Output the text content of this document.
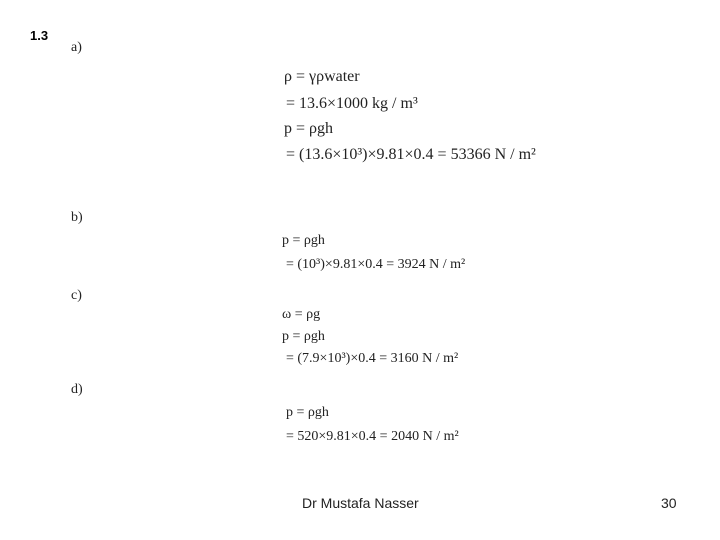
1.3
a)
ρ = γρwater
= 13.6×1000 kg / m³
p = ρgh
= (13.6×10³)×9.81×0.4 = 53366 N / m²
b)
p = ρgh
= (10³)×9.81×0.4 = 3924 N / m²
c)
ω = ρg
p = ρgh
= (7.9×10³)×0.4 = 3160 N / m²
d)
p = ρgh
= 520×9.81×0.4 = 2040 N / m²
Dr Mustafa Nasser	30
